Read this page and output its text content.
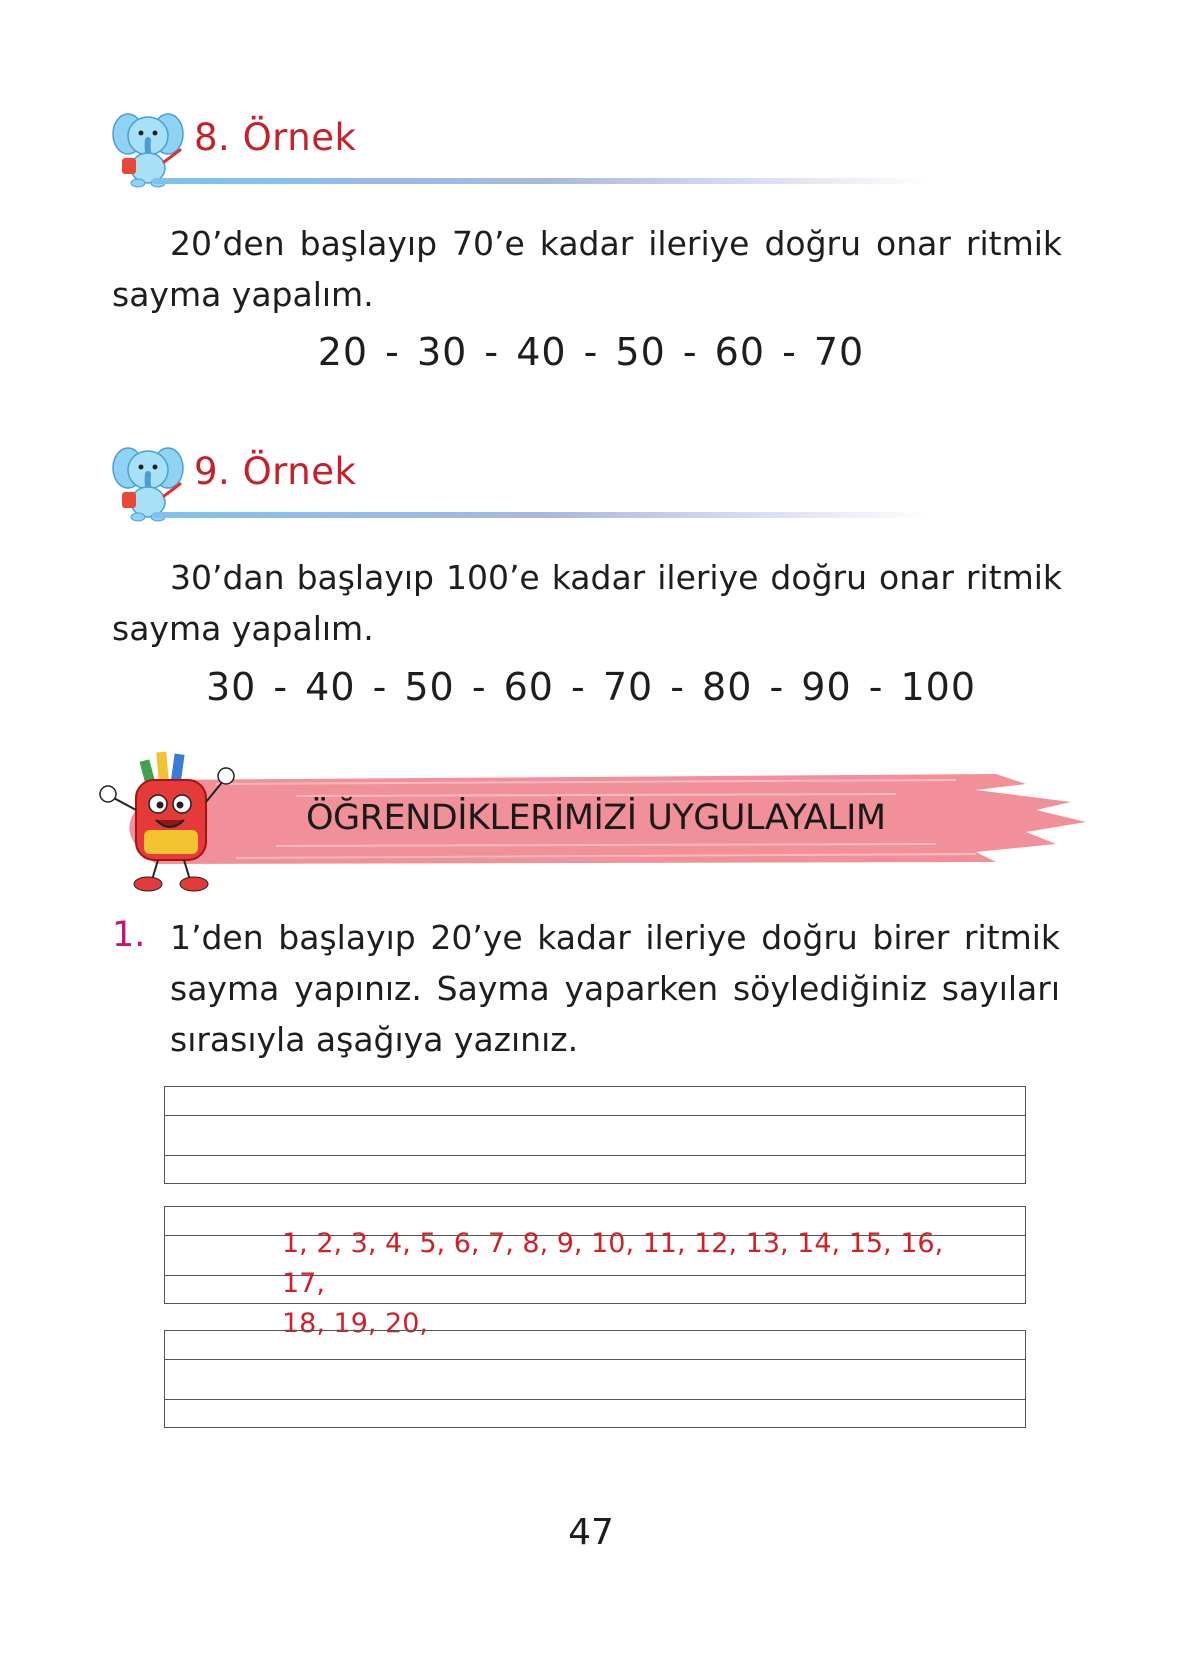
8. Örnek
20’den başlayıp 70’e kadar ileriye doğru onar ritmik sayma yapalım.
20 - 30 - 40 - 50 - 60 - 70
9. Örnek
30’dan başlayıp 100’e kadar ileriye doğru onar ritmik sayma yapalım.
30 - 40 - 50 - 60 - 70 - 80 - 90 - 100
ÖĞRENDİKLERİMİZİ UYGULAYALIM
1. 1’den başlayıp 20’ye kadar ileriye doğru birer ritmik sayma yapınız. Sayma yaparken söylediğiniz sayıları sırasıyla aşağıya yazınız.
1, 2, 3, 4, 5, 6, 7, 8, 9, 10, 11, 12, 13, 14, 15, 16, 17,
18, 19, 20,
47
